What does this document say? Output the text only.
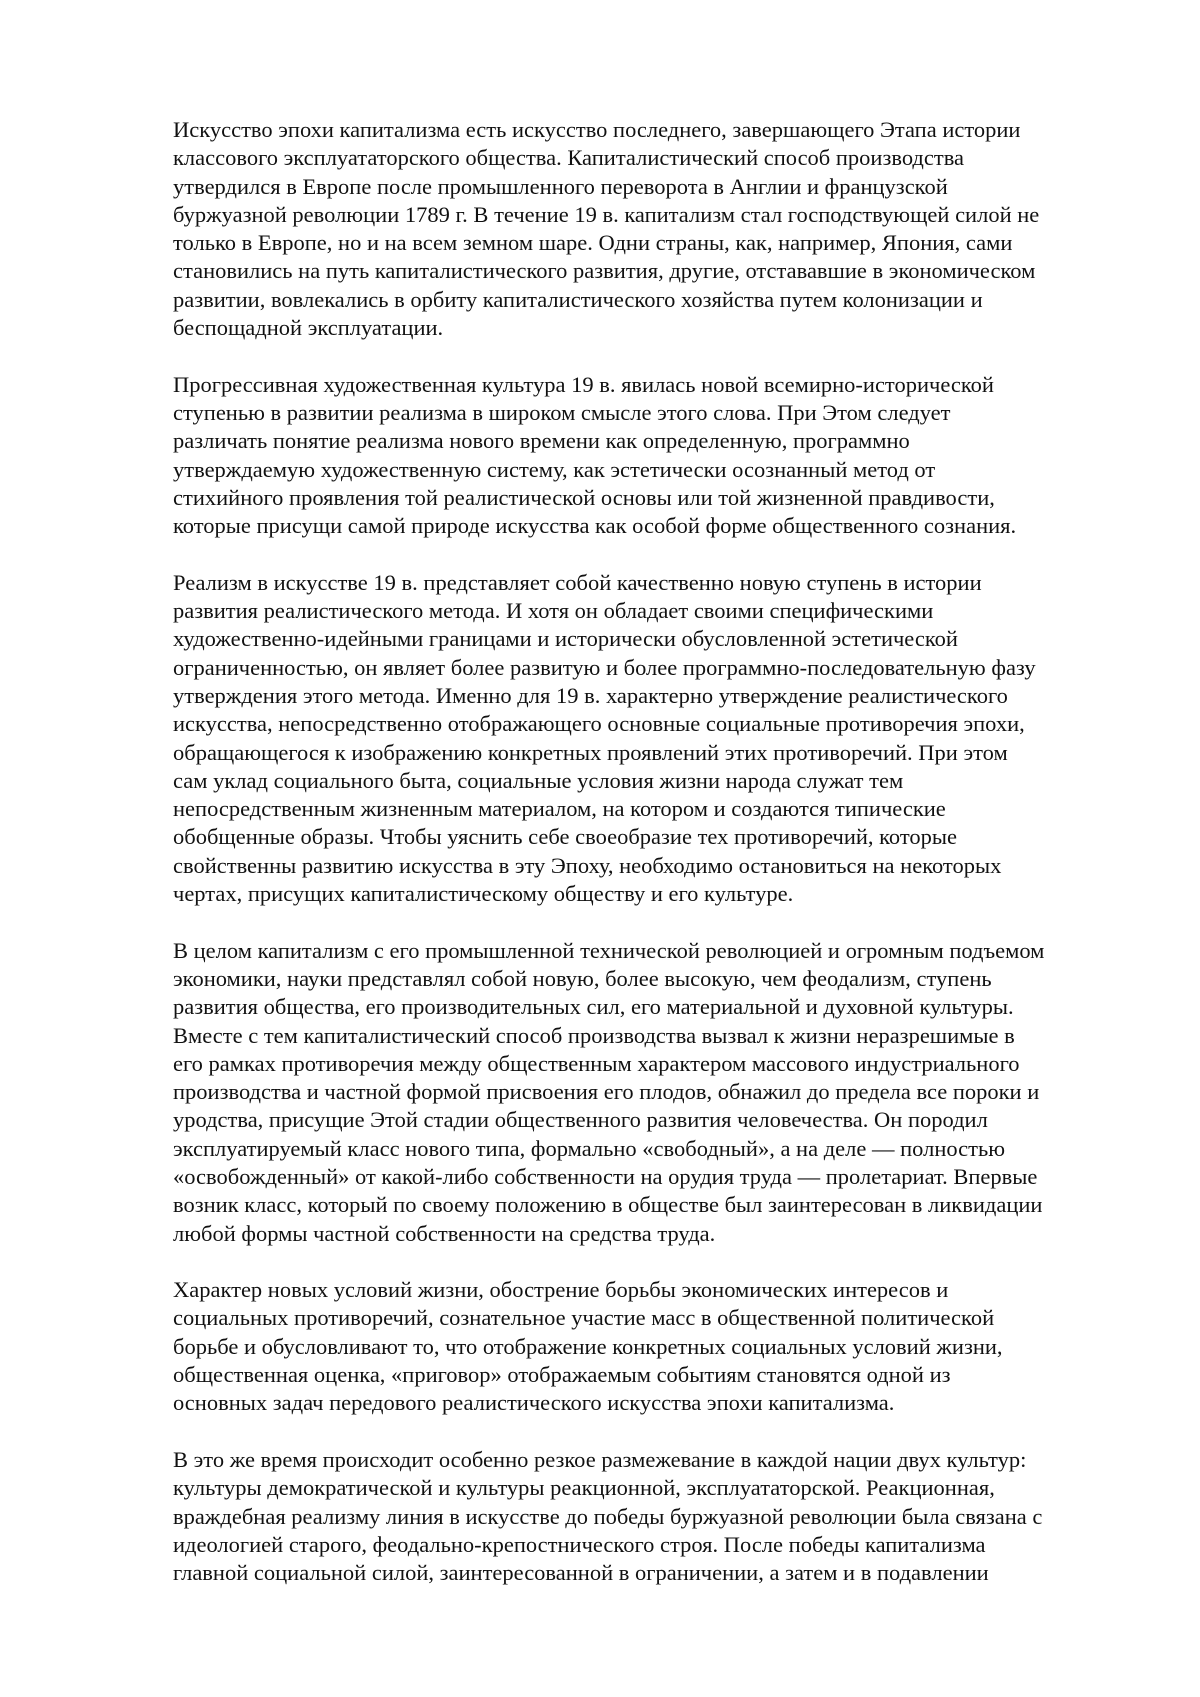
Искусство эпохи капитализма есть искусство последнего, завершающего Этапа истории
классового эксплуататорского общества. Капиталистический способ производства
утвердился в Европе после промышленного переворота в Англии и французской
буржуазной революции 1789 г. В течение 19 в. капитализм стал господствующей силой не
только в Европе, но и на всем земном шаре. Одни страны, как, например, Япония, сами
становились на путь капиталистического развития, другие, отстававшие в экономическом
развитии, вовлекались в орбиту капиталистического хозяйства путем колонизации и
беспощадной эксплуатации.

Прогрессивная художественная культура 19 в. явилась новой всемирно-исторической
ступенью в развитии реализма в широком смысле этого слова. При Этом следует
различать понятие реализма нового времени как определенную, программно
утверждаемую художественную систему, как эстетически осознанный метод от
стихийного проявления той реалистической основы или той жизненной правдивости,
которые присущи самой природе искусства как особой форме общественного сознания.

Реализм в искусстве 19 в. представляет собой качественно новую ступень в истории
развития реалистического метода. И хотя он обладает своими специфическими
художественно-идейными границами и исторически обусловленной эстетической
ограниченностью, он являет более развитую и более программно-последовательную фазу
утверждения этого метода. Именно для 19 в. характерно утверждение реалистического
искусства, непосредственно отображающего основные социальные противоречия эпохи,
обращающегося к изображению конкретных проявлений этих противоречий. При этом
сам уклад социального быта, социальные условия жизни народа служат тем
непосредственным жизненным материалом, на котором и создаются типические
обобщенные образы. Чтобы уяснить себе своеобразие тех противоречий, которые
свойственны развитию искусства в эту Эпоху, необходимо остановиться на некоторых
чертах, присущих капиталистическому обществу и его культуре.

В целом капитализм с его промышленной технической революцией и огромным подъемом
экономики, науки представлял собой новую, более высокую, чем феодализм, ступень
развития общества, его производительных сил, его материальной и духовной культуры.
Вместе с тем капиталистический способ производства вызвал к жизни неразрешимые в
его рамках противоречия между общественным характером массового индустриального
производства и частной формой присвоения его плодов, обнажил до предела все пороки и
уродства, присущие Этой стадии общественного развития человечества. Он породил
эксплуатируемый класс нового типа, формально «свободный», а на деле — полностью
«освобожденный» от какой-либо собственности на орудия труда — пролетариат. Впервые
возник класс, который по своему положению в обществе был заинтересован в ликвидации
любой формы частной собственности на средства труда.

Характер новых условий жизни, обострение борьбы экономических интересов и
социальных противоречий, сознательное участие масс в общественной политической
борьбе и обусловливают то, что отображение конкретных социальных условий жизни,
общественная оценка, «приговор» отображаемым событиям становятся одной из
основных задач передового реалистического искусства эпохи капитализма.

В это же время происходит особенно резкое размежевание в каждой нации двух культур:
культуры демократической и культуры реакционной, эксплуататорской. Реакционная,
враждебная реализму линия в искусстве до победы буржуазной революции была связана с
идеологией старого, феодально-крепостнического строя. После победы капитализма
главной социальной силой, заинтересованной в ограничении, а затем и в подавлении
